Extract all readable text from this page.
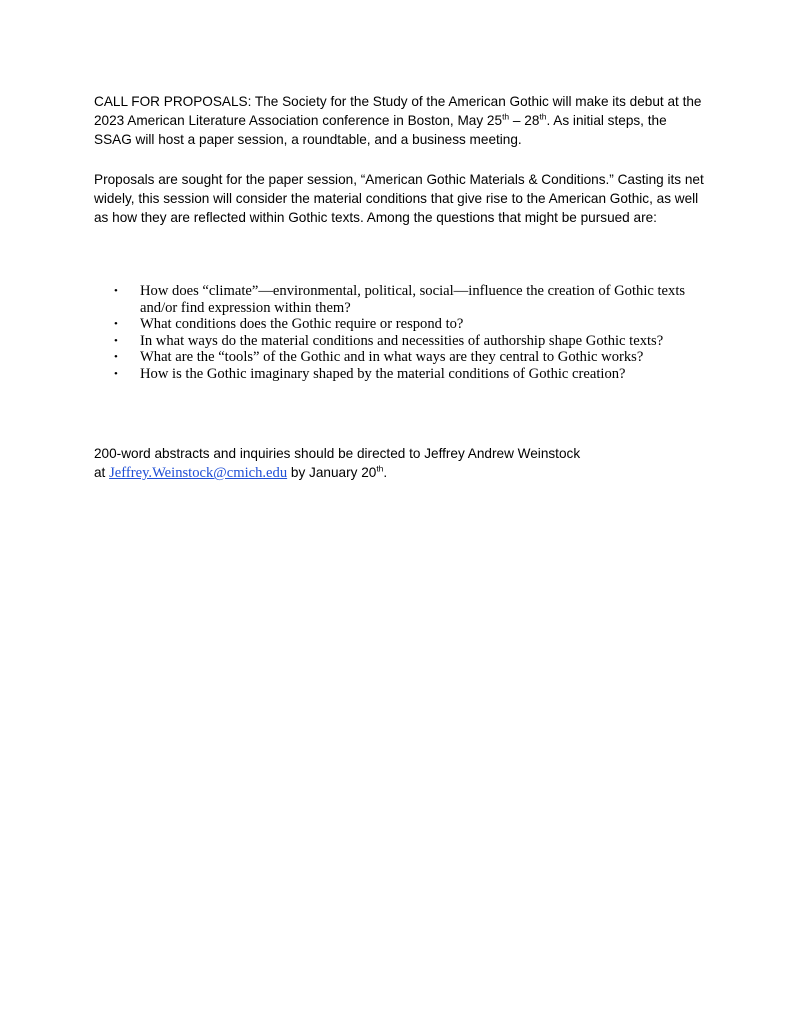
CALL FOR PROPOSALS: The Society for the Study of the American Gothic will make its debut at the 2023 American Literature Association conference in Boston, May 25th – 28th. As initial steps, the SSAG will host a paper session, a roundtable, and a business meeting.

Proposals are sought for the paper session, “American Gothic Materials & Conditions.” Casting its net widely, this session will consider the material conditions that give rise to the American Gothic, as well as how they are reflected within Gothic texts. Among the questions that might be pursued are:

• How does “climate”—environmental, political, social—influence the creation of Gothic texts and/or find expression within them?
• What conditions does the Gothic require or respond to?
• In what ways do the material conditions and necessities of authorship shape Gothic texts?
• What are the “tools” of the Gothic and in what ways are they central to Gothic works?
• How is the Gothic imaginary shaped by the material conditions of Gothic creation?

200-word abstracts and inquiries should be directed to Jeffrey Andrew Weinstock
at Jeffrey.Weinstock@cmich.edu by January 20th.
